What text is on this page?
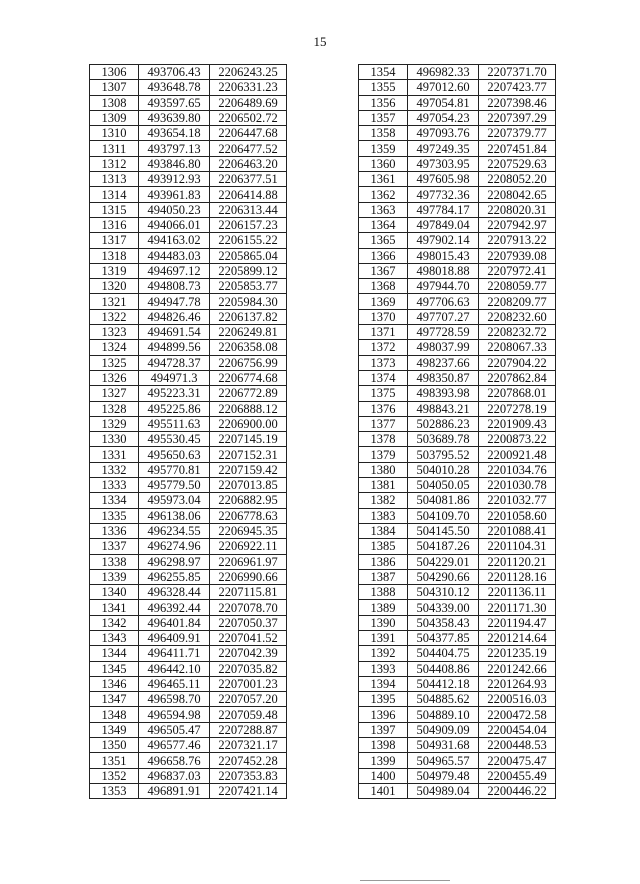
15
1306	493706.43	2206243.25
1307	493648.78	2206331.23
1308	493597.65	2206489.69
1309	493639.80	2206502.72
1310	493654.18	2206447.68
1311	493797.13	2206477.52
1312	493846.80	2206463.20
1313	493912.93	2206377.51
1314	493961.83	2206414.88
1315	494050.23	2206313.44
1316	494066.01	2206157.23
1317	494163.02	2206155.22
1318	494483.03	2205865.04
1319	494697.12	2205899.12
1320	494808.73	2205853.77
1321	494947.78	2205984.30
1322	494826.46	2206137.82
1323	494691.54	2206249.81
1324	494899.56	2206358.08
1325	494728.37	2206756.99
1326	494971.3	2206774.68
1327	495223.31	2206772.89
1328	495225.86	2206888.12
1329	495511.63	2206900.00
1330	495530.45	2207145.19
1331	495650.63	2207152.31
1332	495770.81	2207159.42
1333	495779.50	2207013.85
1334	495973.04	2206882.95
1335	496138.06	2206778.63
1336	496234.55	2206945.35
1337	496274.96	2206922.11
1338	496298.97	2206961.97
1339	496255.85	2206990.66
1340	496328.44	2207115.81
1341	496392.44	2207078.70
1342	496401.84	2207050.37
1343	496409.91	2207041.52
1344	496411.71	2207042.39
1345	496442.10	2207035.82
1346	496465.11	2207001.23
1347	496598.70	2207057.20
1348	496594.98	2207059.48
1349	496505.47	2207288.87
1350	496577.46	2207321.17
1351	496658.76	2207452.28
1352	496837.03	2207353.83
1353	496891.91	2207421.14
1354	496982.33	2207371.70
1355	497012.60	2207423.77
1356	497054.81	2207398.46
1357	497054.23	2207397.29
1358	497093.76	2207379.77
1359	497249.35	2207451.84
1360	497303.95	2207529.63
1361	497605.98	2208052.20
1362	497732.36	2208042.65
1363	497784.17	2208020.31
1364	497849.04	2207942.97
1365	497902.14	2207913.22
1366	498015.43	2207939.08
1367	498018.88	2207972.41
1368	497944.70	2208059.77
1369	497706.63	2208209.77
1370	497707.27	2208232.60
1371	497728.59	2208232.72
1372	498037.99	2208067.33
1373	498237.66	2207904.22
1374	498350.87	2207862.84
1375	498393.98	2207868.01
1376	498843.21	2207278.19
1377	502886.23	2201909.43
1378	503689.78	2200873.22
1379	503795.52	2200921.48
1380	504010.28	2201034.76
1381	504050.05	2201030.78
1382	504081.86	2201032.77
1383	504109.70	2201058.60
1384	504145.50	2201088.41
1385	504187.26	2201104.31
1386	504229.01	2201120.21
1387	504290.66	2201128.16
1388	504310.12	2201136.11
1389	504339.00	2201171.30
1390	504358.43	2201194.47
1391	504377.85	2201214.64
1392	504404.75	2201235.19
1393	504408.86	2201242.66
1394	504412.18	2201264.93
1395	504885.62	2200516.03
1396	504889.10	2200472.58
1397	504909.09	2200454.04
1398	504931.68	2200448.53
1399	504965.57	2200475.47
1400	504979.48	2200455.49
1401	504989.04	2200446.22
